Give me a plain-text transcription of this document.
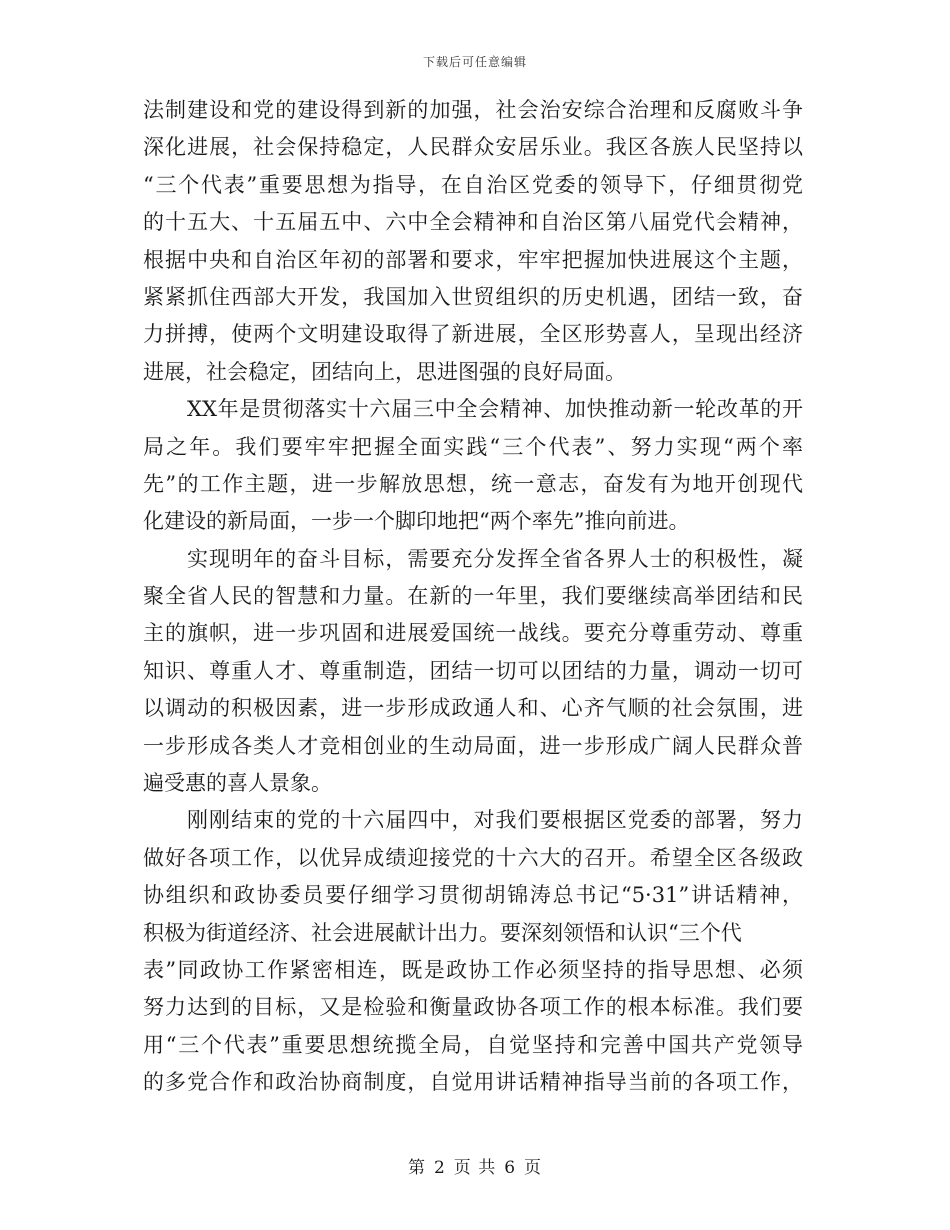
下载后可任意编辑
法制建设和党的建设得到新的加强，社会治安综合治理和反腐败斗争
深化进展，社会保持稳定，人民群众安居乐业。我区各族人民坚持以
“三个代表”重要思想为指导，在自治区党委的领导下，仔细贯彻党
的十五大、十五届五中、六中全会精神和自治区第八届党代会精神，
根据中央和自治区年初的部署和要求，牢牢把握加快进展这个主题，
紧紧抓住西部大开发，我国加入世贸组织的历史机遇，团结一致，奋
力拼搏，使两个文明建设取得了新进展，全区形势喜人，呈现出经济
进展，社会稳定，团结向上，思进图强的良好局面。
XX年是贯彻落实十六届三中全会精神、加快推动新一轮改革的开
局之年。我们要牢牢把握全面实践“三个代表”、努力实现“两个率
先”的工作主题，进一步解放思想，统一意志，奋发有为地开创现代
化建设的新局面，一步一个脚印地把“两个率先”推向前进。
实现明年的奋斗目标，需要充分发挥全省各界人士的积极性，凝
聚全省人民的智慧和力量。在新的一年里，我们要继续高举团结和民
主的旗帜，进一步巩固和进展爱国统一战线。要充分尊重劳动、尊重
知识、尊重人才、尊重制造，团结一切可以团结的力量，调动一切可
以调动的积极因素，进一步形成政通人和、心齐气顺的社会氛围，进
一步形成各类人才竞相创业的生动局面，进一步形成广阔人民群众普
遍受惠的喜人景象。
刚刚结束的党的十六届四中，对我们要根据区党委的部署，努力
做好各项工作，以优异成绩迎接党的十六大的召开。希望全区各级政
协组织和政协委员要仔细学习贯彻胡锦涛总书记“5·31”讲话精神，
积极为街道经济、社会进展献计出力。要深刻领悟和认识“三个代
表”同政协工作紧密相连，既是政协工作必须坚持的指导思想、必须
努力达到的目标，又是检验和衡量政协各项工作的根本标准。我们要
用“三个代表”重要思想统揽全局，自觉坚持和完善中国共产党领导
的多党合作和政治协商制度，自觉用讲话精神指导当前的各项工作，
第 2 页 共 6 页
